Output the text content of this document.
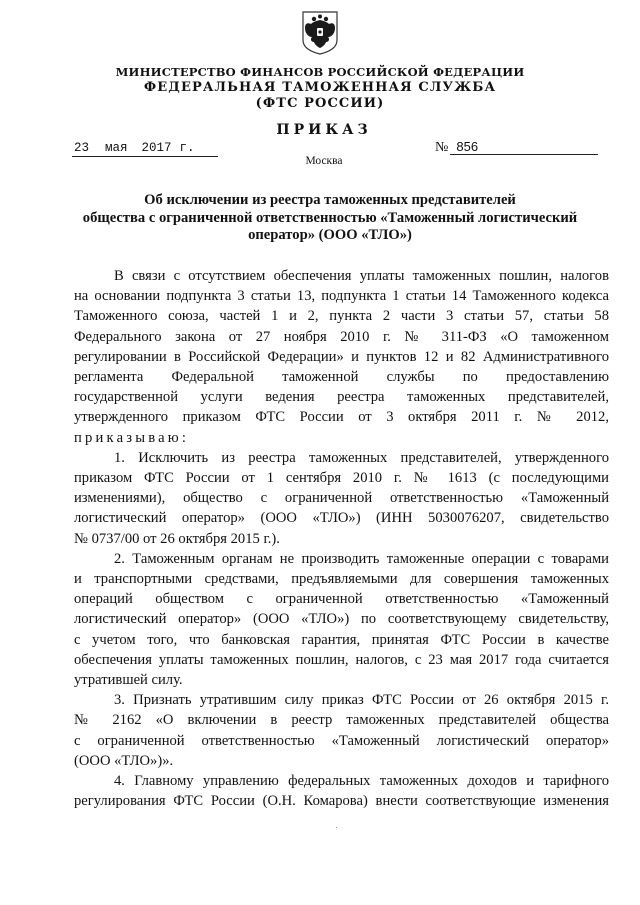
МИНИСТЕРСТВО ФИНАНСОВ РОССИЙСКОЙ ФЕДЕРАЦИИ
ФЕДЕРАЛЬНАЯ ТАМОЖЕННАЯ СЛУЖБА
(ФТС РОССИИ)
ПРИКАЗ
23 мая 2017 г.	№ 856
Москва
Об исключении из реестра таможенных представителей
общества с ограниченной ответственностью «Таможенный логистический
оператор» (ООО «ТЛО»)
В связи с отсутствием обеспечения уплаты таможенных пошлин, налогов
на основании подпункта 3 статьи 13, подпункта 1 статьи 14 Таможенного кодекса
Таможенного союза, частей 1 и 2, пункта 2 части 3 статьи 57, статьи 58
Федерального закона от 27 ноября 2010 г. № 311-ФЗ «О таможенном
регулировании в Российской Федерации» и пунктов 12 и 82 Административного
регламента Федеральной таможенной службы по предоставлению
государственной услуги ведения реестра таможенных представителей,
утвержденного приказом ФТС России от 3 октября 2011 г. № 2012,
приказываю:
1. Исключить из реестра таможенных представителей, утвержденного
приказом ФТС России от 1 сентября 2010 г. № 1613 (с последующими
изменениями), общество с ограниченной ответственностью «Таможенный
логистический оператор» (ООО «ТЛО») (ИНН 5030076207, свидетельство
№ 0737/00 от 26 октября 2015 г.).
2. Таможенным органам не производить таможенные операции с товарами
и транспортными средствами, предъявляемыми для совершения таможенных
операций обществом с ограниченной ответственностью «Таможенный
логистический оператор» (ООО «ТЛО») по соответствующему свидетельству,
с учетом того, что банковская гарантия, принятая ФТС России в качестве
обеспечения уплаты таможенных пошлин, налогов, с 23 мая 2017 года считается
утратившей силу.
3. Признать утратившим силу приказ ФТС России от 26 октября 2015 г.
№ 2162 «О включении в реестр таможенных представителей общества
с ограниченной ответственностью «Таможенный логистический оператор»
(ООО «ТЛО»)».
4. Главному управлению федеральных таможенных доходов и тарифного
регулирования ФТС России (О.Н. Комарова) внести соответствующие изменения
